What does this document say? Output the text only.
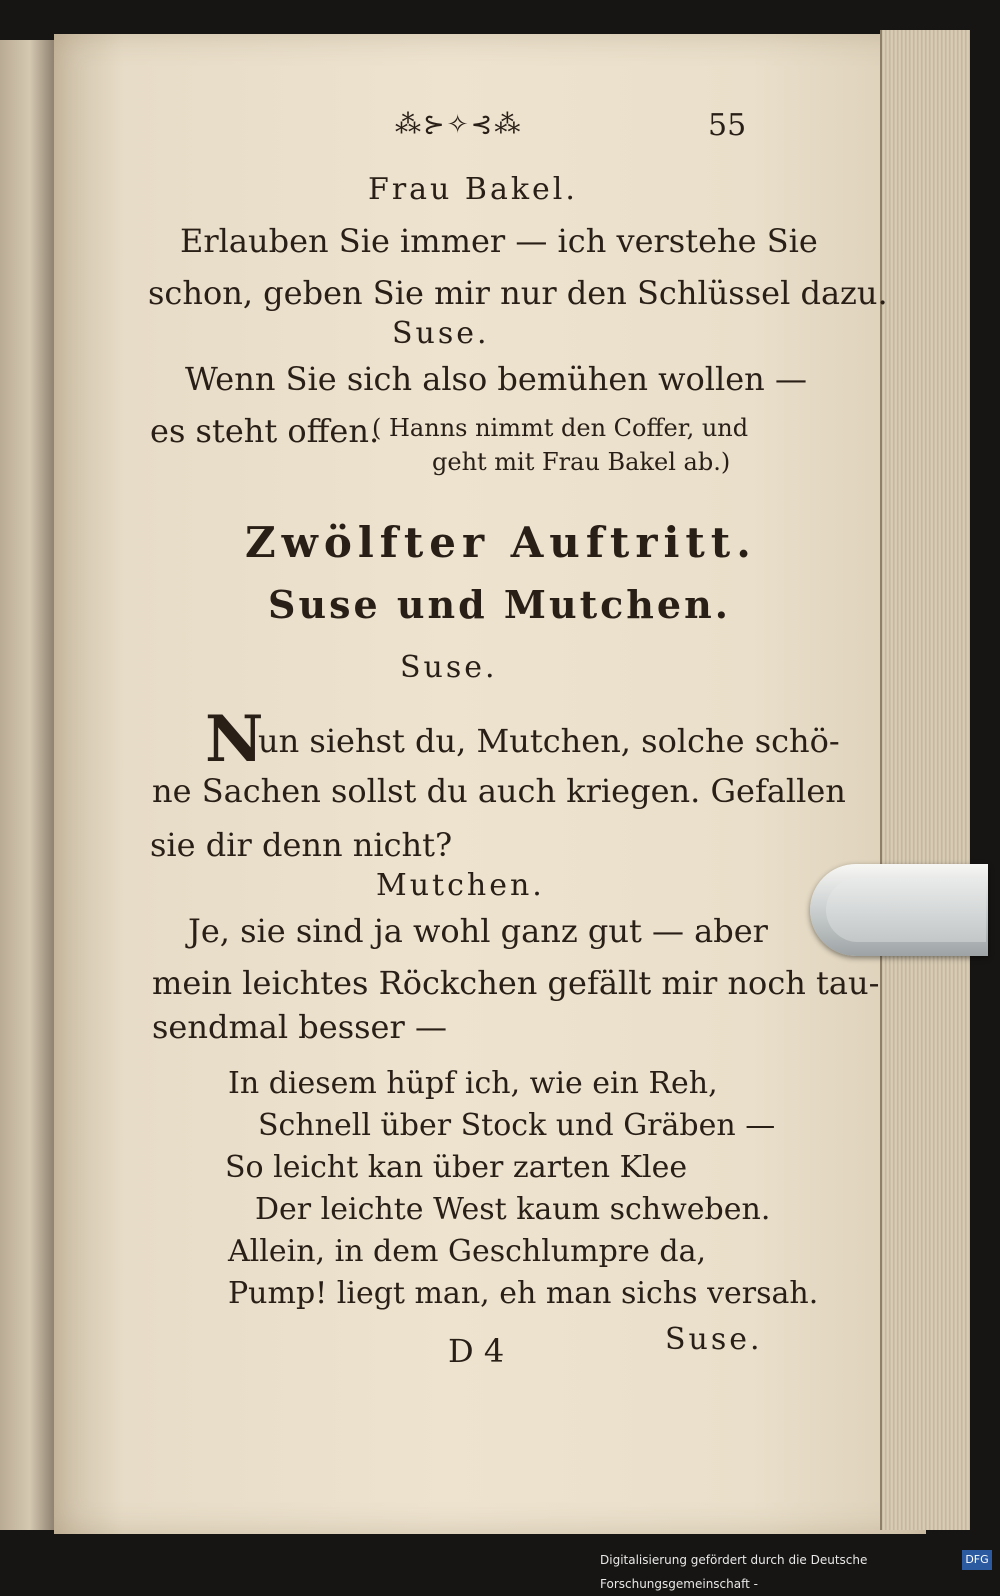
⁂⊱✧⊰⁂	55
Frau Bakel.
Erlauben Sie immer — ich verstehe Sie
schon, geben Sie mir nur den Schlüssel dazu.
Suse.
Wenn Sie sich also bemühen wollen —
es steht offen.
( Hanns nimmt den Coffer, und
geht mit Frau Bakel ab.)
Zwölfter Auftritt.
Suse und Mutchen.
Suse.
N
un siehst du, Mutchen, solche schö-
ne Sachen sollst du auch kriegen. Gefallen
sie dir denn nicht?
Mutchen.
Je, sie sind ja wohl ganz gut — aber
mein leichtes Röckchen gefällt mir noch tau-
sendmal besser —
In diesem hüpf ich, wie ein Reh,
Schnell über Stock und Gräben —
So leicht kan über zarten Klee
Der leichte West kaum schweben.
Allein, in dem Geschlumpre da,
Pump! liegt man, eh man sichs versah.
D 4	Suse.
Digitalisierung gefördert durch die Deutsche Forschungsgemeinschaft -
DFG
